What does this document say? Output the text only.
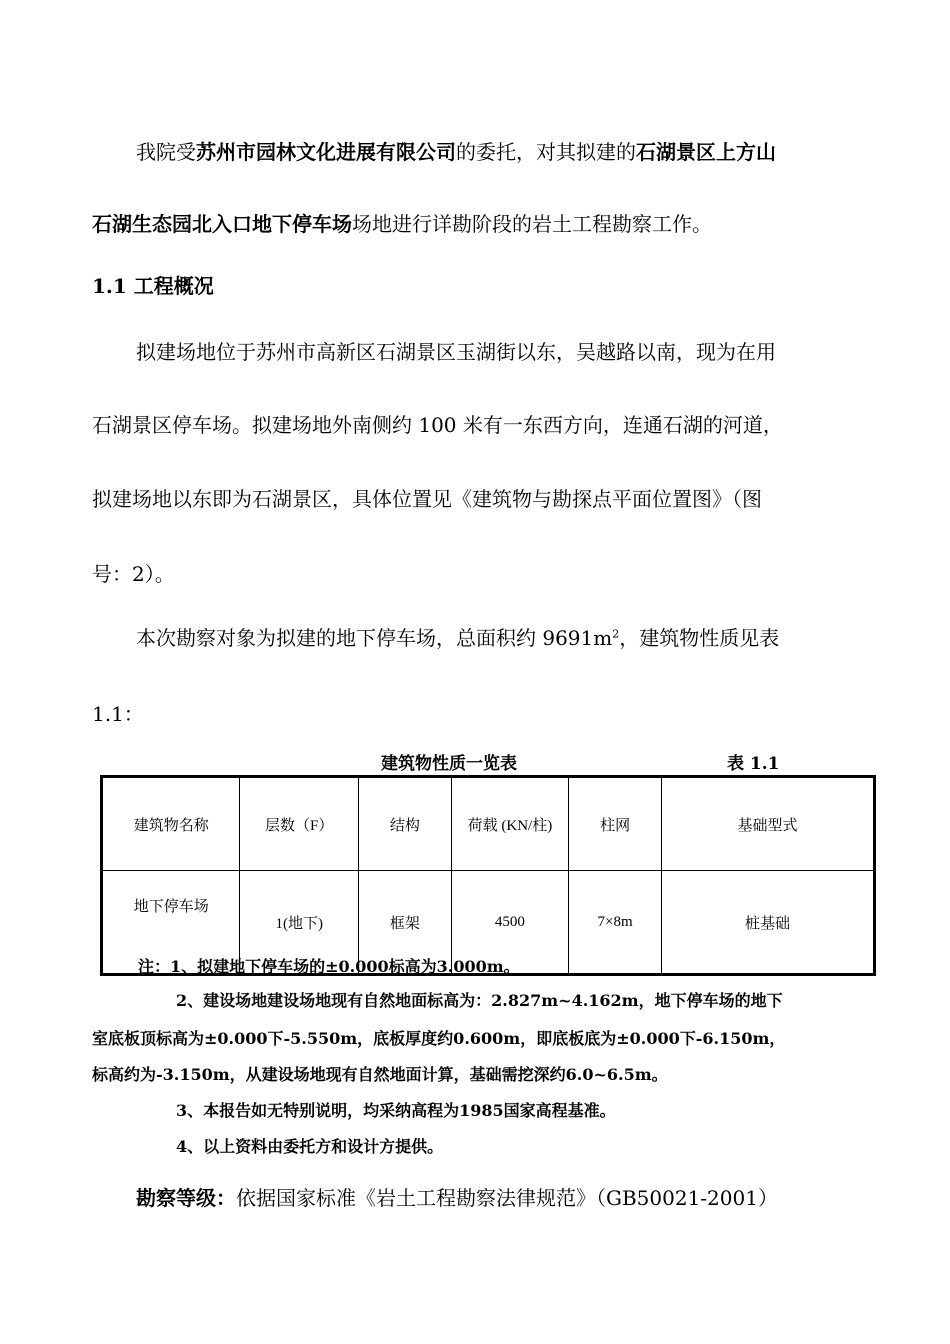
我院受苏州市园林文化进展有限公司的委托，对其拟建的石湖景区上方山
石湖生态园北入口地下停车场场地进行详勘阶段的岩土工程勘察工作。
1.1 工程概况
拟建场地位于苏州市高新区石湖景区玉湖街以东，吴越路以南，现为在用
石湖景区停车场。拟建场地外南侧约 100 米有一东西方向，连通石湖的河道，
拟建场地以东即为石湖景区，具体位置见《建筑物与勘探点平面位置图》（图
号：2）。
本次勘察对象为拟建的地下停车场，总面积约 $9691m^2$，建筑物性质见表
1.1：
建筑物性质一览表	表 1.1
建筑物名称	层数（F）	结构	荷载 (KN/柱)	柱网	基础型式
地下停车场	1(地下)	框架	4500	7×8m	桩基础
注：1、拟建地下停车场的±0.000标高为3.000m。
2、建设场地建设场地现有自然地面标高为：2.827m~4.162m，地下停车场的地下
室底板顶标高为±0.000下-5.550m，底板厚度约0.600m，即底板底为±0.000下-6.150m，
标高约为-3.150m，从建设场地现有自然地面计算，基础需挖深约6.0~6.5m。
3、本报告如无特别说明，均采纳高程为1985国家高程基准。
4、以上资料由委托方和设计方提供。
勘察等级：依据国家标准《岩土工程勘察法律规范》（GB50021-2001）
